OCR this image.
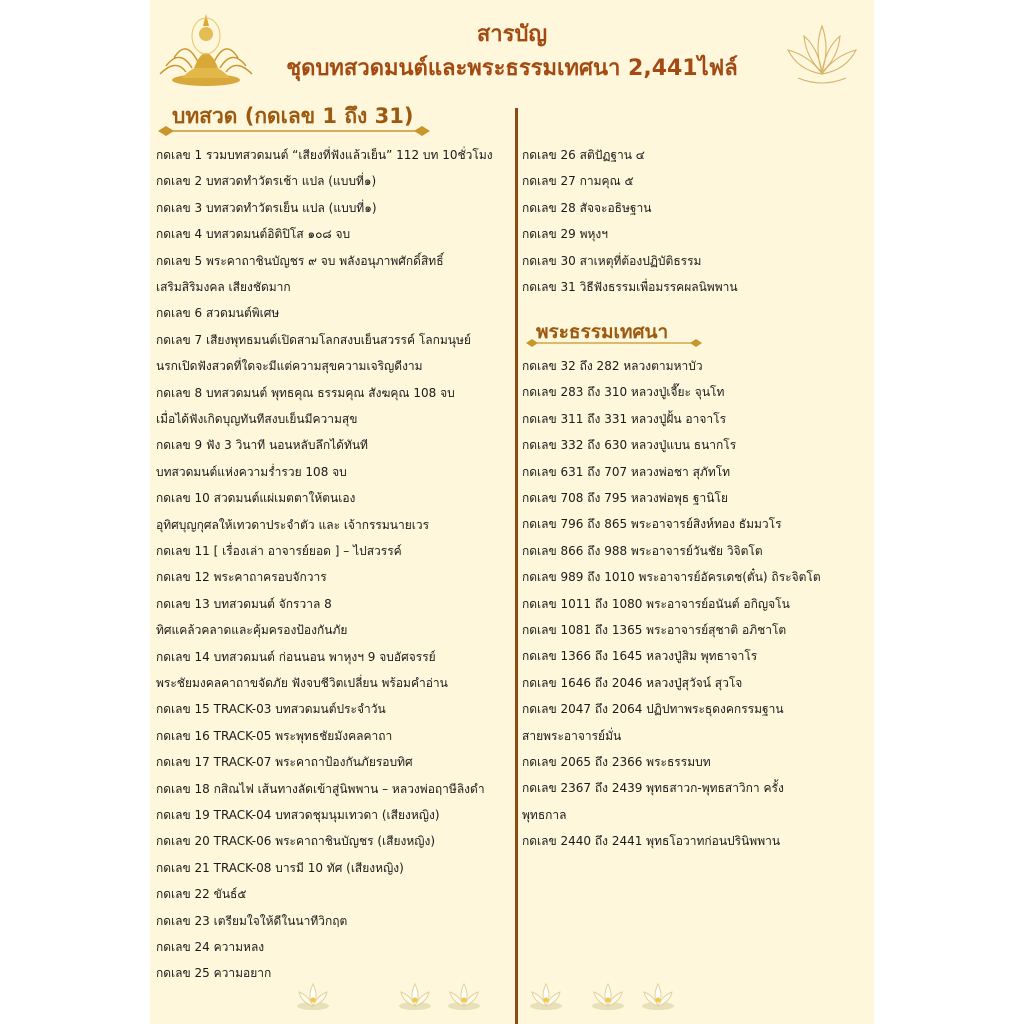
สารบัญ
ชุดบทสวดมนต์และพระธรรมเทศนา 2,441ไฟล์
บทสวด (กดเลข 1 ถึง 31)
พระธรรมเทศนา
กดเลข 1 รวมบทสวดมนต์ “เสียงที่ฟังแล้วเย็น” 112 บท 10ชั่วโมง
กดเลข 2 บทสวดทำวัตรเช้า แปล (แบบที่๑)
กดเลข 3 บทสวดทำวัตรเย็น แปล (แบบที่๑)
กดเลข 4 บทสวดมนต์อิติปิโส ๑๐๘ จบ
กดเลข 5 พระคาถาชินบัญชร ๙ จบ พลังอนุภาพศักดิ์สิทธิ์
เสริมสิริมงคล เสียงชัดมาก
กดเลข 6 สวดมนต์พิเศษ
กดเลข 7 เสียงพุทธมนต์เปิดสามโลกสงบเย็นสวรรค์ โลกมนุษย์
นรกเปิดฟังสวดที่ใดจะมีแต่ความสุขความเจริญดีงาม
กดเลข 8 บทสวดมนต์ พุทธคุณ ธรรมคุณ สังฆคุณ 108 จบ
เมื่อได้ฟังเกิดบุญทันทีสงบเย็นมีความสุข
กดเลข 9 ฟัง 3 วินาที นอนหลับลึกได้ทันที
บทสวดมนต์แห่งความร่ำรวย 108 จบ
กดเลข 10 สวดมนต์แผ่เมตตาให้ตนเอง
อุทิศบุญกุศลให้เทวดาประจำตัว และ เจ้ากรรมนายเวร
กดเลข 11 [ เรื่องเล่า อาจารย์ยอด ] – ไปสวรรค์
กดเลข 12 พระคาถาครอบจักวาร
กดเลข 13 บทสวดมนต์ จักรวาล 8
ทิศแคล้วคลาดและคุ้มครองป้องกันภัย
กดเลข 14 บทสวดมนต์ ก่อนนอน พาหุงฯ 9 จบอัศจรรย์
พระชัยมงคลคาถาขจัดภัย ฟังจบชีวิตเปลี่ยน พร้อมคำอ่าน
กดเลข 15 TRACK-03 บทสวดมนต์ประจำวัน
กดเลข 16 TRACK-05 พระพุทธชัยมังคลคาถา
กดเลข 17 TRACK-07 พระคาถาป้องกันภัยรอบทิศ
กดเลข 18 กสิณไฟ เส้นทางลัดเข้าสู่นิพพาน – หลวงพ่อฤาษีลิงดำ
กดเลข 19 TRACK-04 บทสวดชุมนุมเทวดา (เสียงหญิง)
กดเลข 20 TRACK-06 พระคาถาชินบัญชร (เสียงหญิง)
กดเลข 21 TRACK-08 บารมี 10 ทัศ (เสียงหญิง)
กดเลข 22 ขันธ์๕
กดเลข 23 เตรียมใจให้ดีในนาทีวิกฤต
กดเลข 24 ความหลง
กดเลข 25 ความอยาก
กดเลข 26 สติปัฏฐาน ๔
กดเลข 27 กามคุณ ๕
กดเลข 28 สัจจะอธิษฐาน
กดเลข 29 พหุงฯ
กดเลข 30 สาเหตุที่ต้องปฏิบัติธรรม
กดเลข 31 วิธีฟังธรรมเพื่อมรรคผลนิพพาน
กดเลข 32 ถึง 282 หลวงตามหาบัว
กดเลข 283 ถึง 310 หลวงปู่เจี๊ยะ จุนโท
กดเลข 311 ถึง 331 หลวงปู่ฝั้น อาจาโร
กดเลข 332 ถึง 630 หลวงปู่แบน ธนากโร
กดเลข 631 ถึง 707 หลวงพ่อชา สุภัทโท
กดเลข 708 ถึง 795 หลวงพ่อพุธ ฐานิโย
กดเลข 796 ถึง 865 พระอาจารย์สิงห์ทอง ธัมมวโร
กดเลข 866 ถึง 988 พระอาจารย์วันชัย วิจิตโต
กดเลข 989 ถึง 1010 พระอาจารย์อัครเดช(ตั๋น) ถิระจิตโต
กดเลข 1011 ถึง 1080 พระอาจารย์อนันต์ อกิญจโน
กดเลข 1081 ถึง 1365 พระอาจารย์สุชาติ อภิชาโต
กดเลข 1366 ถึง 1645 หลวงปู่สิม พุทธาจาโร
กดเลข 1646 ถึง 2046 หลวงปู่สุวัจน์ สุวโจ
กดเลข 2047 ถึง 2064 ปฏิปทาพระธุดงคกรรมฐาน
สายพระอาจารย์มั่น
กดเลข 2065 ถึง 2366 พระธรรมบท
กดเลข 2367 ถึง 2439 พุทธสาวก-พุทธสาวิกา ครั้ง
พุทธกาล
กดเลข 2440 ถึง 2441 พุทธโอวาทก่อนปรินิพพาน
